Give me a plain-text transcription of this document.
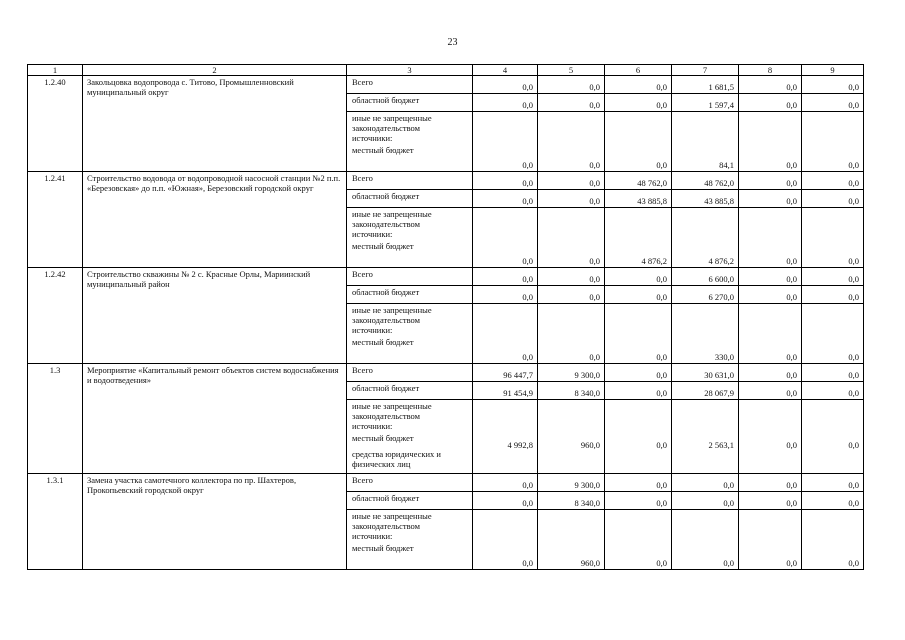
23
1	2	3	4	5	6	7	8	9
1.2.40	Закольцовка водопровода с. Титово, Промышленновский муниципальный округ	Всего	0,0	0,0	0,0	1 681,5	0,0	0,0
		областной бюджет	0,0	0,0	0,0	1 597,4	0,0	0,0

		иные не запрещенные
законодательством
источники:
местный бюджет	0,0	0,0	0,0	84,1	0,0	0,0
1.2.41	Строительство водовода от водопроводной насосной станции №2 п.п. «Березовская» до п.п. «Южная», Березовский городской округ	Всего	0,0	0,0	48 762,0	48 762,0	0,0	0,0
		областной бюджет	0,0	0,0	43 885,8	43 885,8	0,0	0,0

		иные не запрещенные
законодательством
источники:
местный бюджет	0,0	0,0	4 876,2	4 876,2	0,0	0,0
1.2.42	Строительство скважины № 2 с. Красные Орлы, Мариинский муниципальный район	Всего	0,0	0,0	0,0	6 600,0	0,0	0,0
		областной бюджет	0,0	0,0	0,0	6 270,0	0,0	0,0

		иные не запрещенные
законодательством
источники:
местный бюджет	0,0	0,0	0,0	330,0	0,0	0,0
1.3	Мероприятие «Капитальный ремонт объектов систем водоснабжения и водоотведения»	Всего	96 447,7	9 300,0	0,0	30 631,0	0,0	0,0
		областной бюджет	91 454,9	8 340,0	0,0	28 067,9	0,0	0,0

		иные не запрещенные
законодательством
источники:
местный бюджет
средства юридических и физических лиц	4 992,8	960,0	0,0	2 563,1	0,0	0,0
1.3.1	Замена участка самотечного коллектора по пр. Шахтеров, Прокопьевский городской округ	Всего	0,0	9 300,0	0,0	0,0	0,0	0,0
		областной бюджет	0,0	8 340,0	0,0	0,0	0,0	0,0

		иные не запрещенные
законодательством
источники:
местный бюджет	0,0	960,0	0,0	0,0	0,0	0,0
